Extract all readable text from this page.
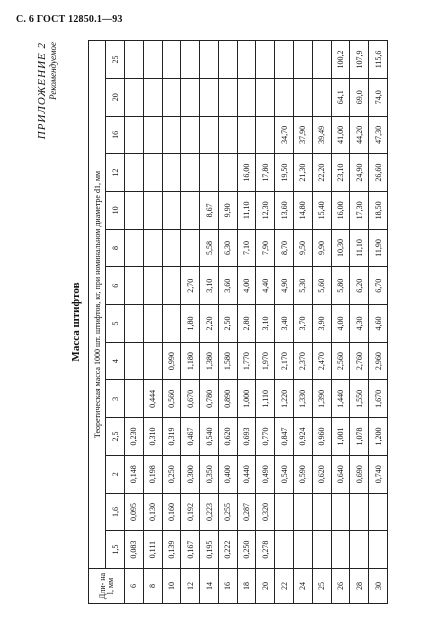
С. 6 ГОСТ 12850.1—93
ПРИЛОЖЕНИЕ 2 Рекомендуемое
Масса штифтов
Дли- на l, мм	Теоретическая масса 1000 шт. штифтов, кг, при номинальном диаметре d1, мм													
	1,5	1,6	2	2,5	3	4	5	6	8	10	12	16	20	25
6	0,083	0,095	0,148	0,230										
8	0,111	0,130	0,198	0,310	0,444									
10	0,139	0,160	0,250	0,319	0,560	0,990								
12	0,167	0,192	0,300	0,467	0,670	1,180	1,80	2,70						
14	0,195	0,223	0,350	0,540	0,780	1,380	2,20	3,10	5,58	8,67				
16	0,222	0,255	0,400	0,620	0,890	1,580	2,50	3,60	6,30	9,90				
18	0,250	0,287	0,440	0,693	1,000	1,770	2,80	4,00	7,10	11,10	16,00			
20	0,278	0,320	0,490	0,770	1,110	1,970	3,10	4,40	7,90	12,30	17,80			
22			0,540	0,847	1,220	2,170	3,40	4,90	8,70	13,60	19,50	34,70		
24			0,590	0,924	1,330	2,370	3,70	5,30	9,50	14,80	21,30	37,90		
25			0,620	0,960	1,390	2,470	3,90	5,60	9,90	15,40	22,20	39,49		
26			0,640	1,001	1,440	2,560	4,00	5,80	10,30	16,00	23,10	41,00	64,1	100,2
28			0,690	1,078	1,550	2,760	4,30	6,20	11,10	17,30	24,90	44,20	69,0	107,9
30			0,740	1,200	1,670	2,960	4,60	6,70	11,90	18,50	26,60	47,30	74,0	115,6
